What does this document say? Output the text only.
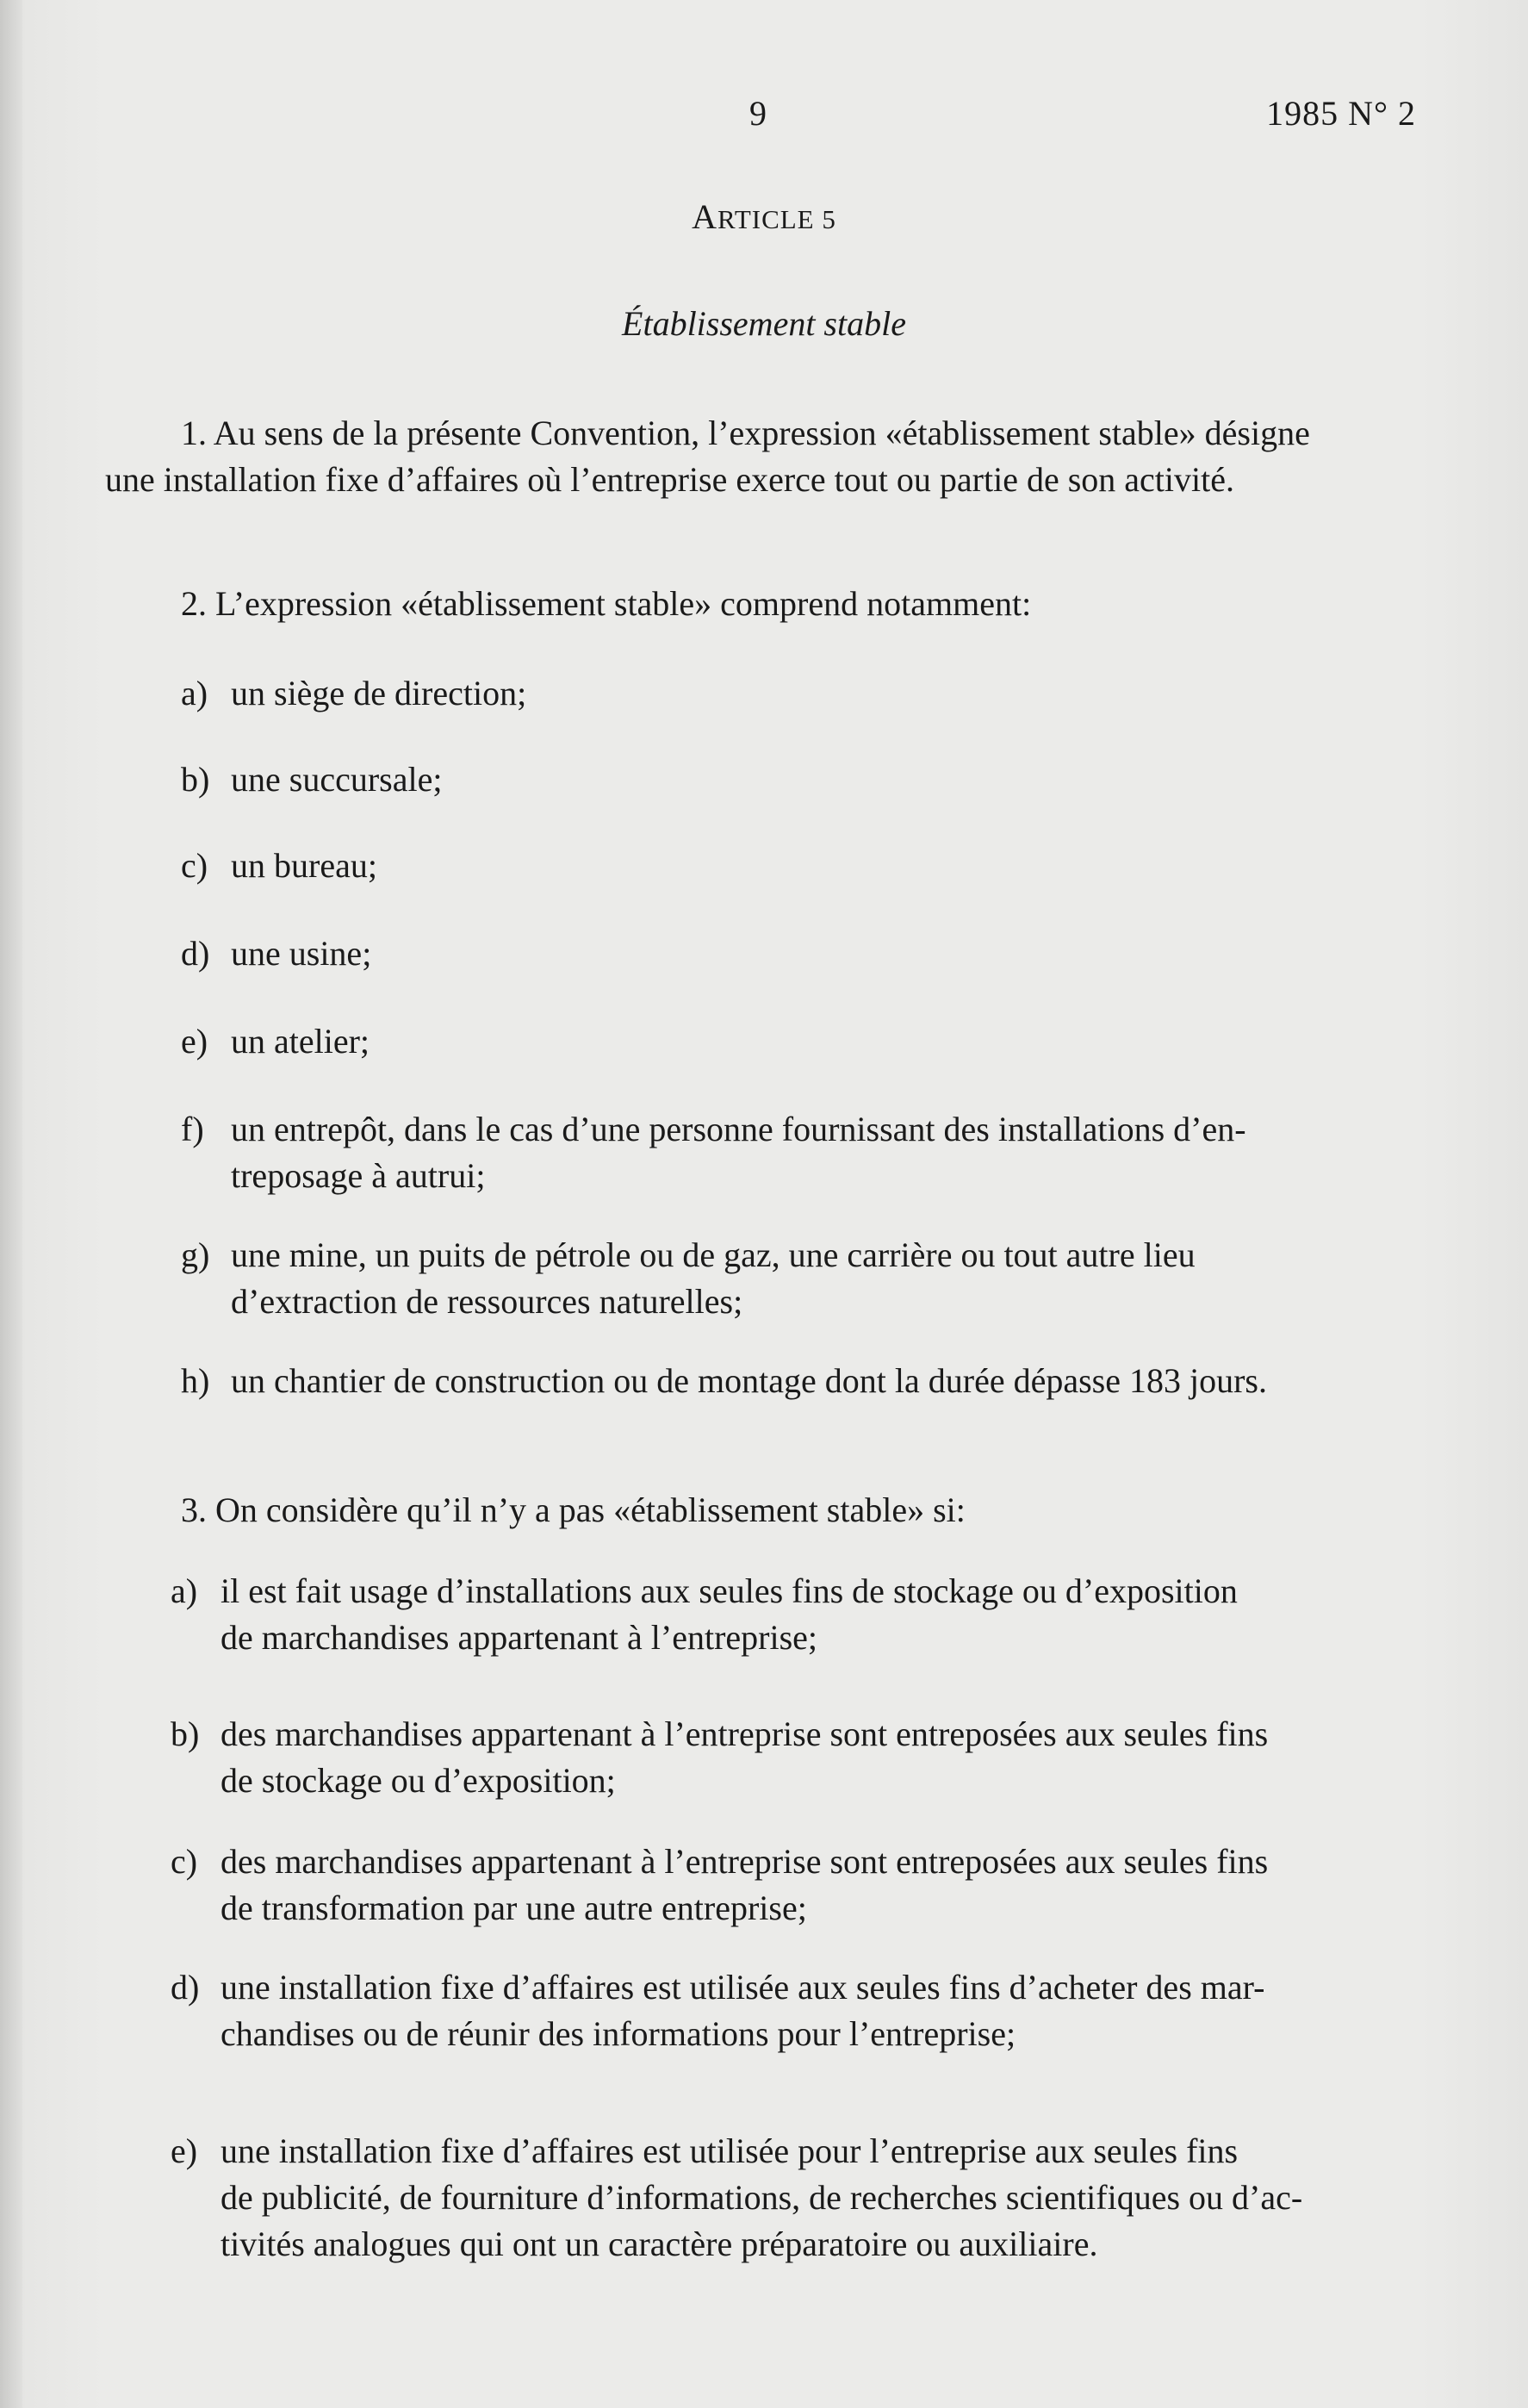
9	1985 N° 2
ARTICLE 5
Établissement stable
1. Au sens de la présente Convention, l’expression «établissement stable» désigne
une installation fixe d’affaires où l’entreprise exerce tout ou partie de son activité.
2. L’expression «établissement stable» comprend notamment:
a) un siège de direction;
b) une succursale;
c) un bureau;
d) une usine;
e) un atelier;
f) un entrepôt, dans le cas d’une personne fournissant des installations d’en-
treposage à autrui;
g) une mine, un puits de pétrole ou de gaz, une carrière ou tout autre lieu
d’extraction de ressources naturelles;
h) un chantier de construction ou de montage dont la durée dépasse 183 jours.
3. On considère qu’il n’y a pas «établissement stable» si:
a) il est fait usage d’installations aux seules fins de stockage ou d’exposition
de marchandises appartenant à l’entreprise;
b) des marchandises appartenant à l’entreprise sont entreposées aux seules fins
de stockage ou d’exposition;
c) des marchandises appartenant à l’entreprise sont entreposées aux seules fins
de transformation par une autre entreprise;
d) une installation fixe d’affaires est utilisée aux seules fins d’acheter des mar-
chandises ou de réunir des informations pour l’entreprise;
e) une installation fixe d’affaires est utilisée pour l’entreprise aux seules fins
de publicité, de fourniture d’informations, de recherches scientifiques ou d’ac-
tivités analogues qui ont un caractère préparatoire ou auxiliaire.
